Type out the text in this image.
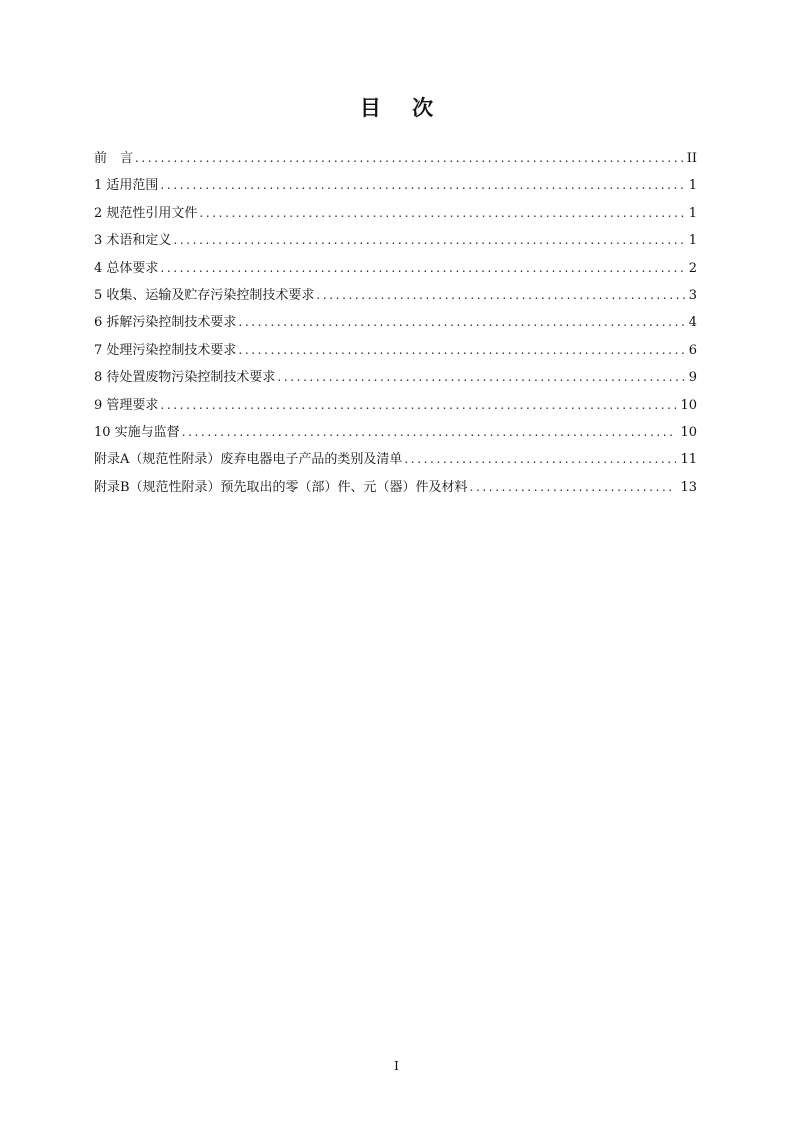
目 次
前　言 .....	II
1 适用范围 .....	1
2 规范性引用文件 .....	1
3 术语和定义 .....	1
4 总体要求 .....	2
5 收集、运输及贮存污染控制技术要求 .....	3
6 拆解污染控制技术要求 .....	4
7 处理污染控制技术要求 .....	6
8 待处置废物污染控制技术要求 .....	9
9 管理要求 .....	10
10 实施与监督 .....	10
附录A（规范性附录）废弃电器电子产品的类别及清单 .....	11
附录B（规范性附录）预先取出的零（部）件、元（器）件及材料 .....	13
I
